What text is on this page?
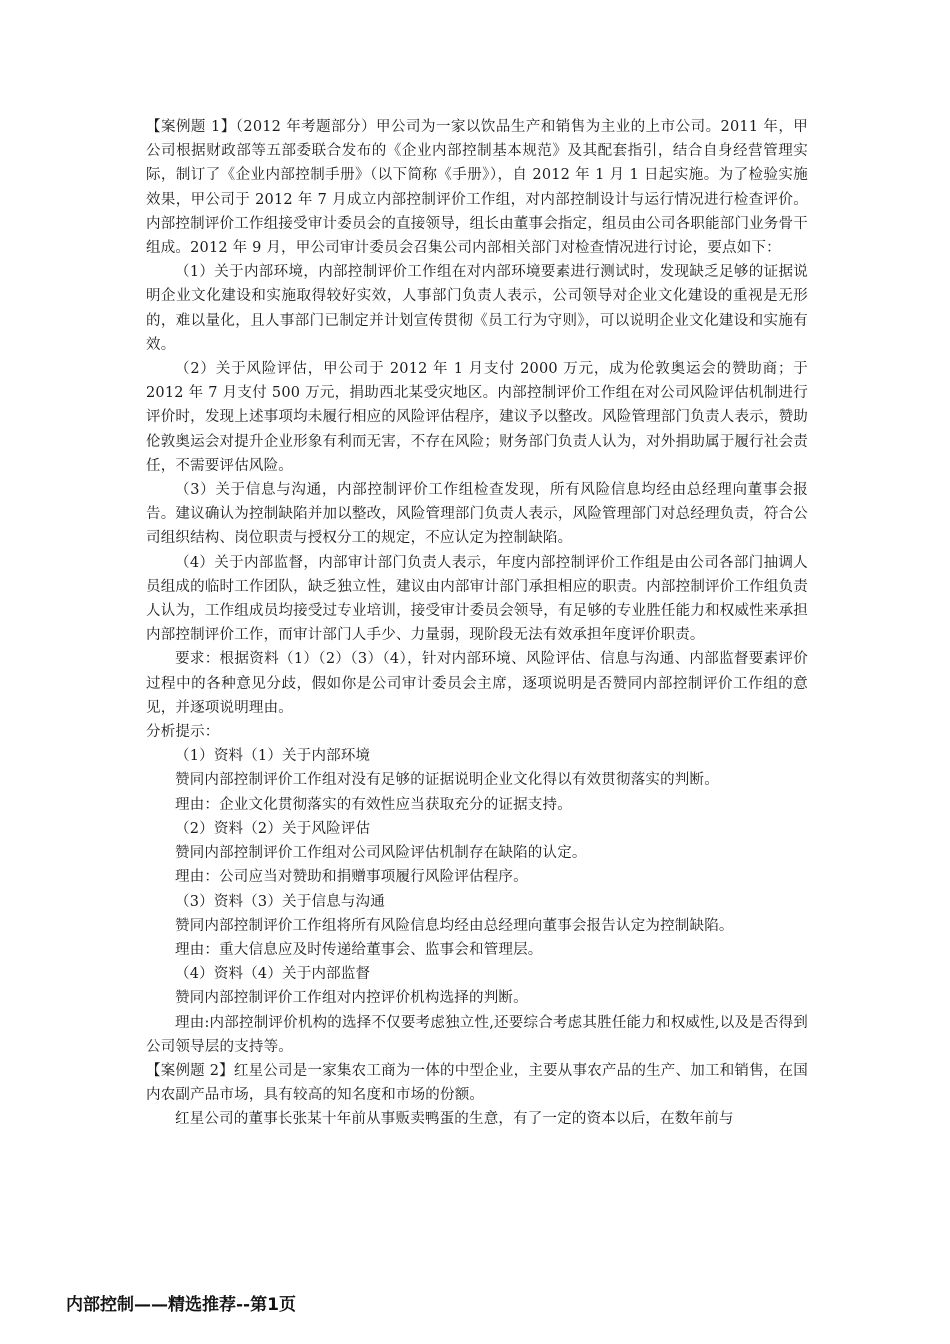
【案例题 1】（2012 年考题部分）甲公司为一家以饮品生产和销售为主业的上市公司。2011 年，甲公司根据财政部等五部委联合发布的《企业内部控制基本规范》及其配套指引，结合自身经营管理实际，制订了《企业内部控制手册》（以下简称《手册》），自 2012 年 1 月 1 日起实施。为了检验实施效果，甲公司于 2012 年 7 月成立内部控制评价工作组，对内部控制设计与运行情况进行检查评价。内部控制评价工作组接受审计委员会的直接领导，组长由董事会指定，组员由公司各职能部门业务骨干组成。2012 年 9 月，甲公司审计委员会召集公司内部相关部门对检查情况进行讨论，要点如下：

（1）关于内部环境，内部控制评价工作组在对内部环境要素进行测试时，发现缺乏足够的证据说明企业文化建设和实施取得较好实效，人事部门负责人表示，公司领导对企业文化建设的重视是无形的，难以量化，且人事部门已制定并计划宣传贯彻《员工行为守则》，可以说明企业文化建设和实施有效。

（2）关于风险评估，甲公司于 2012 年 1 月支付 2000 万元，成为伦敦奥运会的赞助商；于 2012 年 7 月支付 500 万元，捐助西北某受灾地区。内部控制评价工作组在对公司风险评估机制进行评价时，发现上述事项均未履行相应的风险评估程序，建议予以整改。风险管理部门负责人表示，赞助伦敦奥运会对提升企业形象有利而无害，不存在风险；财务部门负责人认为，对外捐助属于履行社会责任，不需要评估风险。

（3）关于信息与沟通，内部控制评价工作组检查发现，所有风险信息均经由总经理向董事会报告。建议确认为控制缺陷并加以整改，风险管理部门负责人表示，风险管理部门对总经理负责，符合公司组织结构、岗位职责与授权分工的规定，不应认定为控制缺陷。

（4）关于内部监督，内部审计部门负责人表示，年度内部控制评价工作组是由公司各部门抽调人员组成的临时工作团队，缺乏独立性，建议由内部审计部门承担相应的职责。内部控制评价工作组负责人认为，工作组成员均接受过专业培训，接受审计委员会领导，有足够的专业胜任能力和权威性来承担内部控制评价工作，而审计部门人手少、力量弱，现阶段无法有效承担年度评价职责。

要求：根据资料（1）（2）（3）（4），针对内部环境、风险评估、信息与沟通、内部监督要素评价过程中的各种意见分歧，假如你是公司审计委员会主席，逐项说明是否赞同内部控制评价工作组的意见，并逐项说明理由。

分析提示：

（1）资料（1）关于内部环境

赞同内部控制评价工作组对没有足够的证据说明企业文化得以有效贯彻落实的判断。

理由：企业文化贯彻落实的有效性应当获取充分的证据支持。

（2）资料（2）关于风险评估

赞同内部控制评价工作组对公司风险评估机制存在缺陷的认定。

理由：公司应当对赞助和捐赠事项履行风险评估程序。

（3）资料（3）关于信息与沟通

赞同内部控制评价工作组将所有风险信息均经由总经理向董事会报告认定为控制缺陷。

理由：重大信息应及时传递给董事会、监事会和管理层。

（4）资料（4）关于内部监督

赞同内部控制评价工作组对内控评价机构选择的判断。

理由:内部控制评价机构的选择不仅要考虑独立性,还要综合考虑其胜任能力和权威性,以及是否得到公司领导层的支持等。

【案例题 2】红星公司是一家集农工商为一体的中型企业，主要从事农产品的生产、加工和销售，在国内农副产品市场，具有较高的知名度和市场的份额。

红星公司的董事长张某十年前从事贩卖鸭蛋的生意，有了一定的资本以后，在数年前与

内部控制——精选推荐--第1页
